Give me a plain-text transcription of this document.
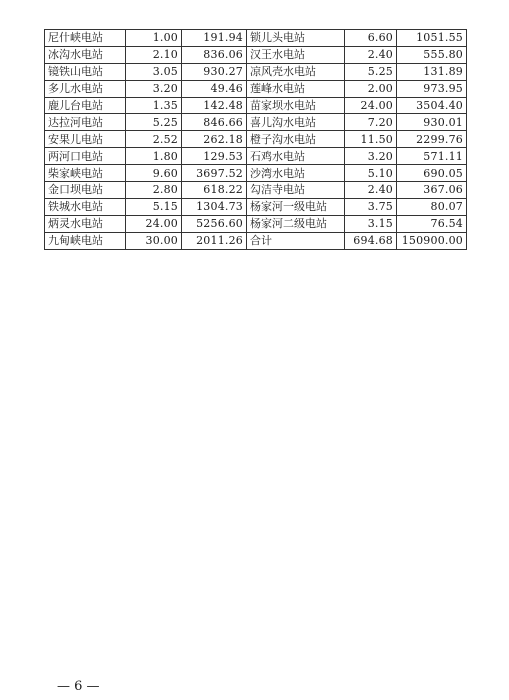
尼什峡电站	1.00	191.94	锁儿头电站	6.60	1051.55
冰沟水电站	2.10	836.06	汉王水电站	2.40	555.80
镜铁山电站	3.05	930.27	凉风壳水电站	5.25	131.89
多儿水电站	3.20	49.46	莲峰水电站	2.00	973.95
鹿儿台电站	1.35	142.48	苗家坝水电站	24.00	3504.40
达拉河电站	5.25	846.66	喜儿沟水电站	7.20	930.01
安果儿电站	2.52	262.18	橙子沟水电站	11.50	2299.76
两河口电站	1.80	129.53	石鸡水电站	3.20	571.11
柴家峡电站	9.60	3697.52	沙湾水电站	5.10	690.05
金口坝电站	2.80	618.22	勾洁寺电站	2.40	367.06
铁城水电站	5.15	1304.73	杨家河一级电站	3.75	80.07
炳灵水电站	24.00	5256.60	杨家河二级电站	3.15	76.54
九甸峡电站	30.00	2011.26	合计	694.68	150900.00
— 6 —
